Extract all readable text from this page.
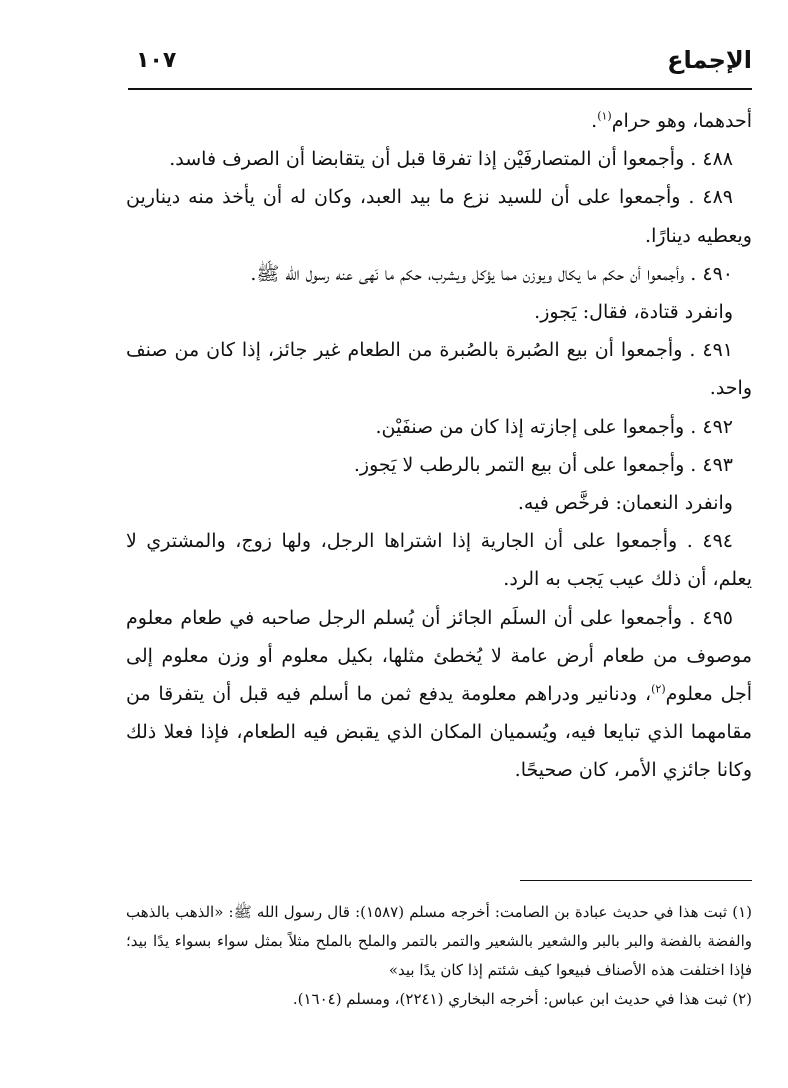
الإجماع
١٠٧

أحدهما، وهو حرام$^{(١)}$.

 ٤٨٨ . وأجمعوا أن المتصارفَيْن إذا تفرقا قبل أن يتقابضا أن الصرف فاسد.

 ٤٨٩ . وأجمعوا على أن للسيد نزع ما بيد العبد، وكان له أن يأخذ منه دينارين ويعطيه دينارًا.

 ٤٩٠ . وأجمعوا أن حكم ما يكال ويوزن مما يؤكل ويشرب، حكم ما نَهى عنه رسول الله ﷺ.

 وانفرد قتادة، فقال: يَجوز.

 ٤٩١ . وأجمعوا أن بيع الصُبرة بالصُبرة من الطعام غير جائز، إذا كان من صنف واحد.

 ٤٩٢ . وأجمعوا على إجازته إذا كان من صنفَيْن.

 ٤٩٣ . وأجمعوا على أن بيع التمر بالرطب لا يَجوز.

 وانفرد النعمان: فرخَّص فيه.

 ٤٩٤ . وأجمعوا على أن الجارية إذا اشتراها الرجل، ولها زوج، والمشتري لا يعلم، أن ذلك عيب يَجب به الرد.

 ٤٩٥ . وأجمعوا على أن السلَم الجائز أن يُسلم الرجل صاحبه في طعام معلوم موصوف من طعام أرض عامة لا يُخطئ مثلها، بكيل معلوم أو وزن معلوم إلى أجل معلوم$^{(٢)}$، ودنانير ودراهم معلومة يدفع ثمن ما أسلم فيه قبل أن يتفرقا من مقامهما الذي تبايعا فيه، ويُسميان المكان الذي يقبض فيه الطعام، فإذا فعلا ذلك وكانا جائزي الأمر، كان صحيحًا.

(١) ثبت هذا في حديث عبادة بن الصامت: أخرجه مسلم (١٥٨٧): قال رسول الله ﷺ: «الذهب بالذهب والفضة بالفضة والبر بالبر والشعير بالشعير والتمر بالتمر والملح بالملح مثلاً بمثل سواء بسواء يدًا بيد؛ فإذا اختلفت هذه الأصناف فبيعوا كيف شئتم إذا كان يدًا بيد»

(٢) ثبت هذا في حديث ابن عباس: أخرجه البخاري (٢٢٤١)، ومسلم (١٦٠٤).
